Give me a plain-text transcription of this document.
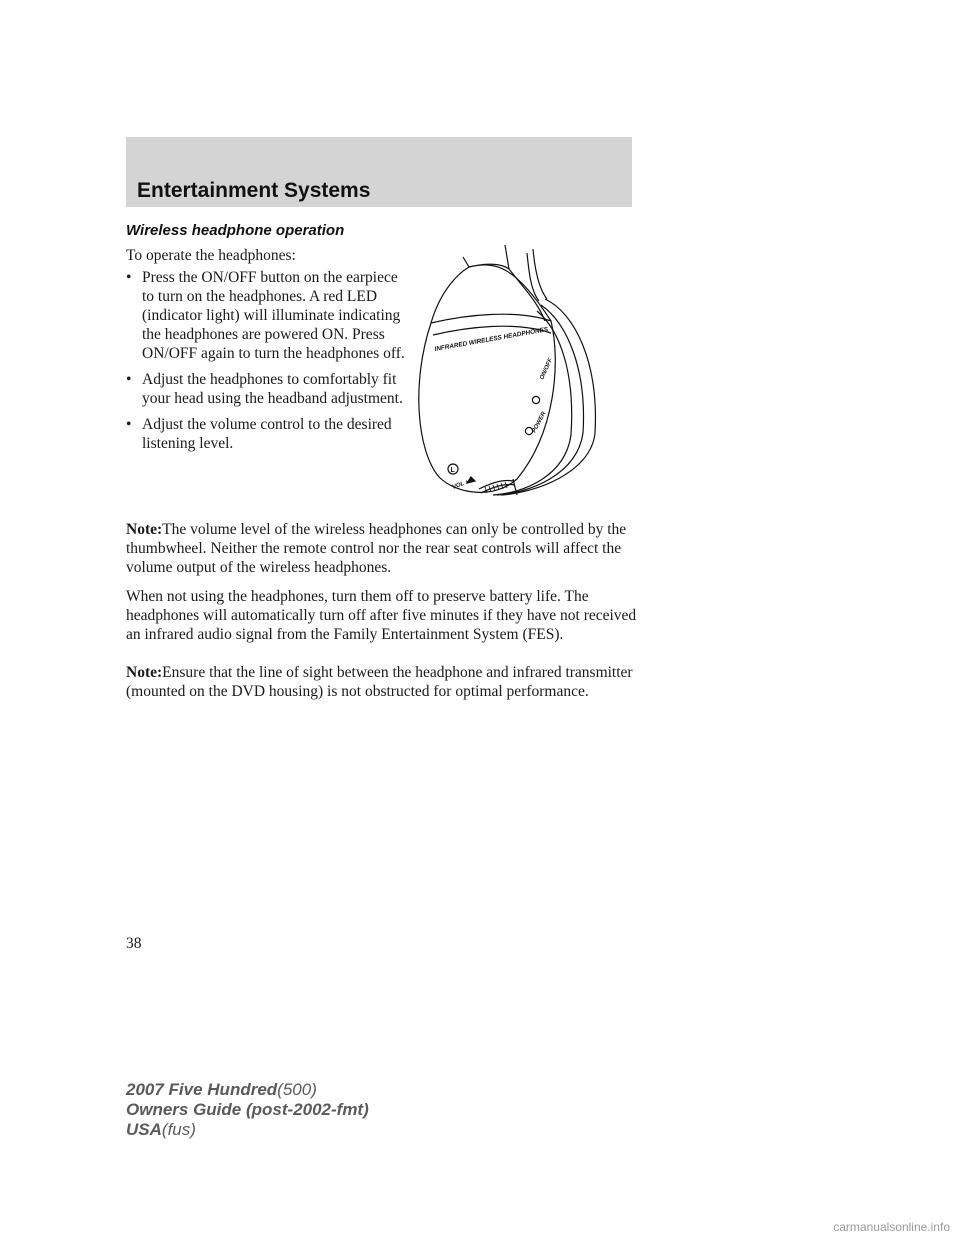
Entertainment Systems
Wireless headphone operation

To operate the headphones:

• Press the ON/OFF button on the earpiece to turn on the headphones. A red LED (indicator light) will illuminate indicating the headphones are powered ON. Press ON/OFF again to turn the headphones off.
• Adjust the headphones to comfortably fit your head using the headband adjustment.
• Adjust the volume control to the desired listening level.
INFRARED WIRELESS HEADPHONES
ON/OFF
POWER
L
VOL +

Note:The volume level of the wireless headphones can only be controlled by the thumbwheel. Neither the remote control nor the rear seat controls will affect the volume output of the wireless headphones.

When not using the headphones, turn them off to preserve battery life. The headphones will automatically turn off after five minutes if they have not received an infrared audio signal from the Family Entertainment System (FES).

Note:Ensure that the line of sight between the headphone and infrared transmitter (mounted on the DVD housing) is not obstructed for optimal performance.

38

2007 Five Hundred(500)
Owners Guide (post-2002-fmt)
USA(fus)

carmanualsonline.info
